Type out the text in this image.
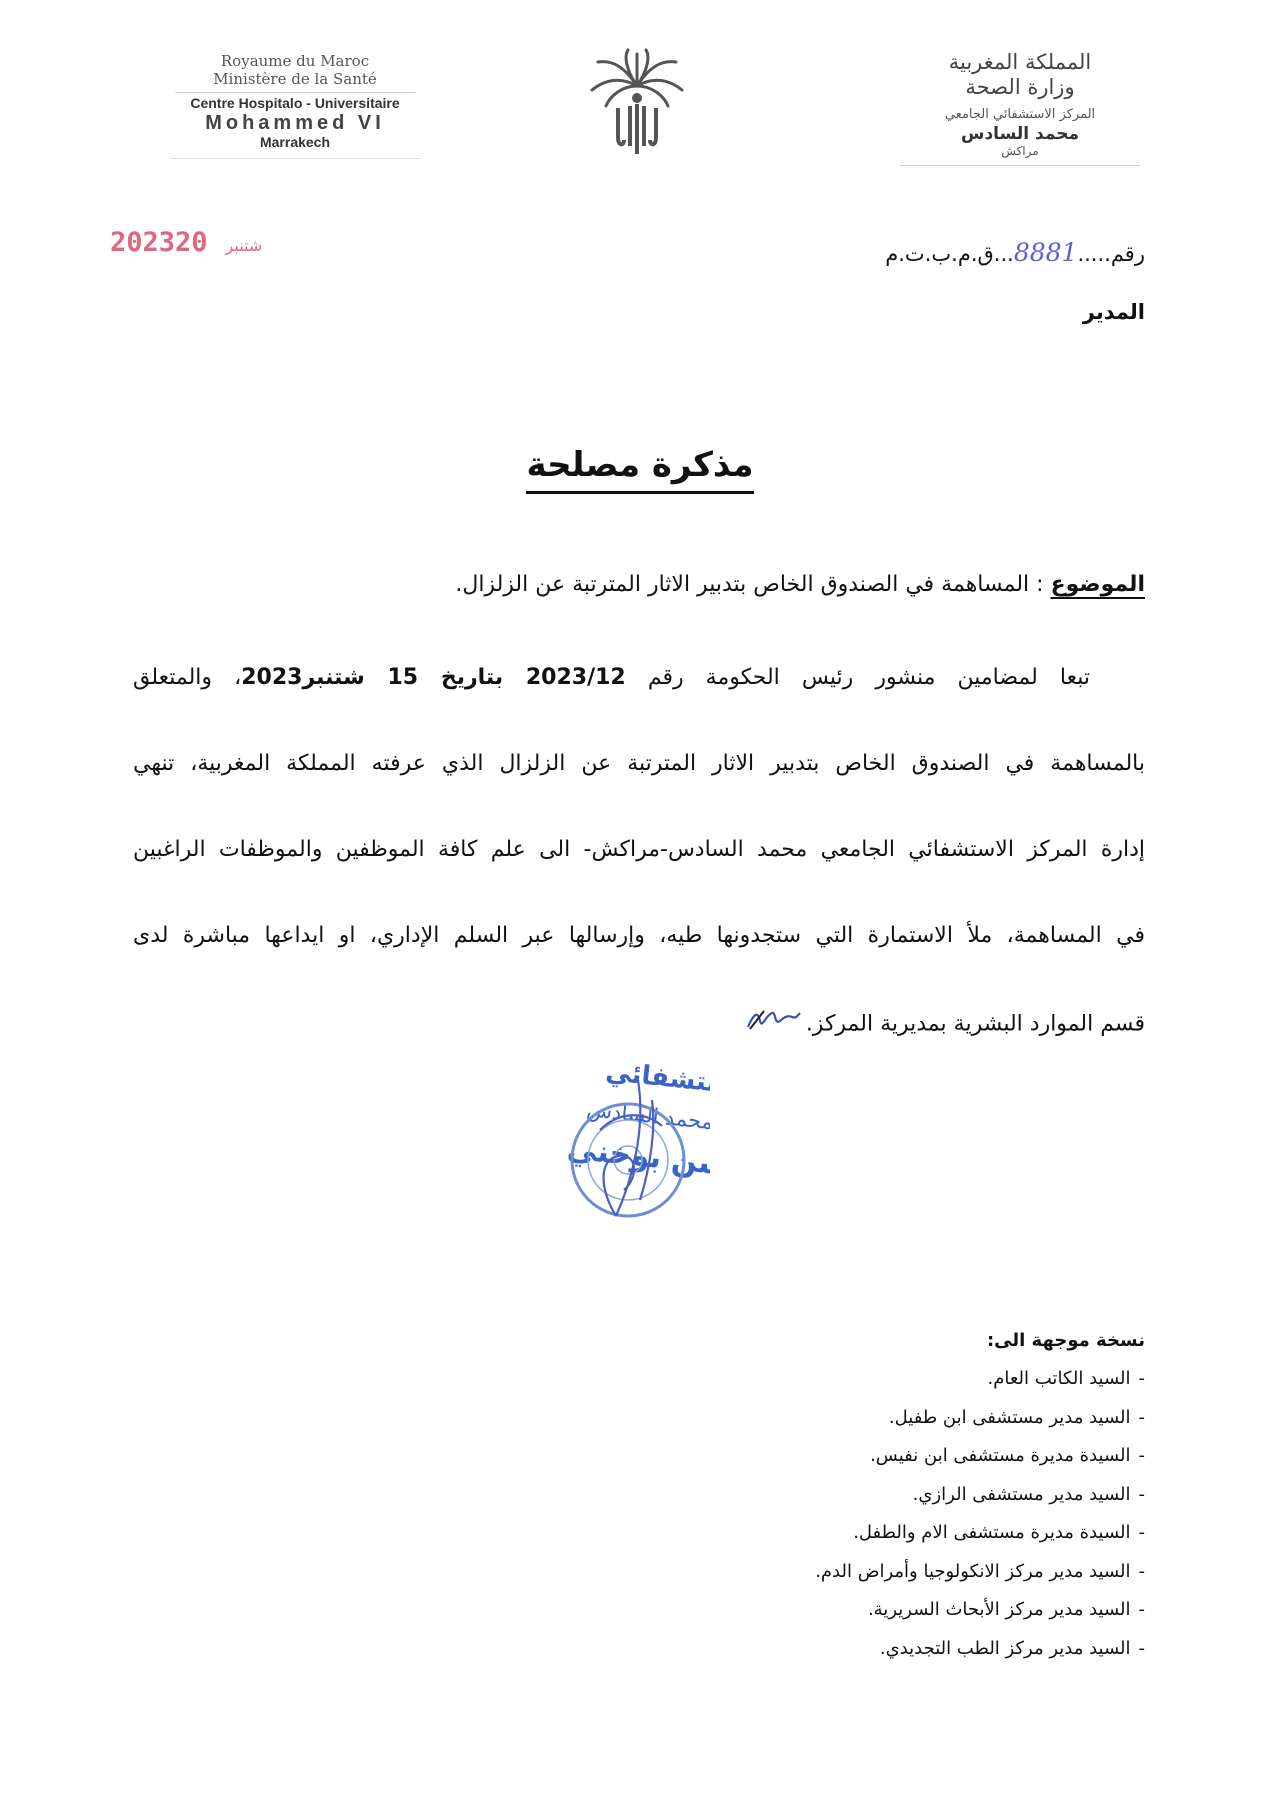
Royaume du Maroc
Ministère de la Santé
Centre Hospitalo - Universitaire
Mohammed VI
Marrakech
المملكة المغربية
وزارة الصحة
المركز الاستشفائي الجامعي
محمد السادس
مراكش
2023	شتنبر20	رقم.....8881...ق.م.ب.ت.م
المدير
مذكرة مصلحة
الموضوع : المساهمة في الصندوق الخاص بتدبير الاثار المترتبة عن الزلزال.
تبعا لمضامين منشور رئيس الحكومة رقم 2023/12 بتاريخ 15 شتنبر2023، والمتعلق
بالمساهمة في الصندوق الخاص بتدبير الاثار المترتبة عن الزلزال الذي عرفته المملكة المغربية، تنهي
إدارة المركز الاستشفائي الجامعي محمد السادس-مراكش- الى علم كافة الموظفين والموظفات الراغبين
في المساهمة، ملأ الاستمارة التي ستجدونها طيه، وإرسالها عبر السلم الإداري، او ايداعها مباشرة لدى
قسم الموارد البشرية بمديرية المركز.
الإستشفائي
محمد السادس
لحسن بوخني
نسخة موجهة الى:
-السيد الكاتب العام.
-السيد مدير مستشفى ابن طفيل.
-السيدة مديرة مستشفى ابن نفيس.
-السيد مدير مستشفى الرازي.
-السيدة مديرة مستشفى الام والطفل.
-السيد مدير مركز الانكولوجيا وأمراض الدم.
-السيد مدير مركز الأبحاث السريرية.
-السيد مدير مركز الطب التجديدي.
